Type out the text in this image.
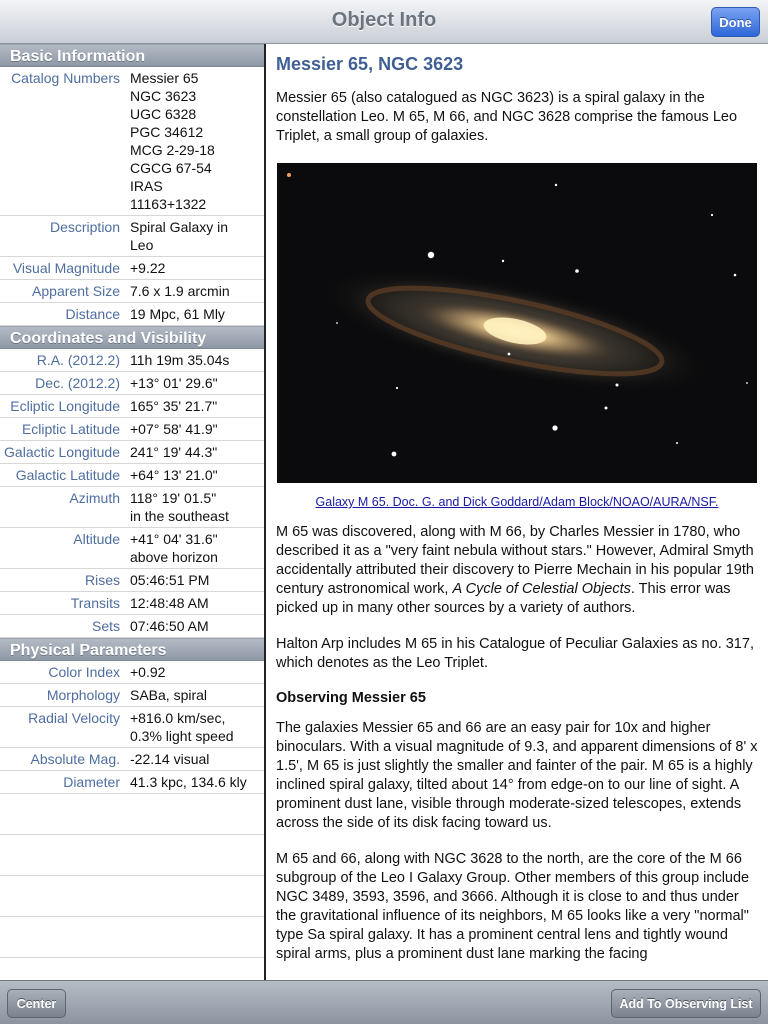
Object Info	Done
Basic Information
Catalog Numbers Messier 65
NGC 3623
UGC 6328
PGC 34612
MCG 2-29-18
CGCG 67-54
IRAS
11163+1322
Description Spiral Galaxy in Leo
Visual Magnitude +9.22
Apparent Size 7.6 x 1.9 arcmin
Distance 19 Mpc, 61 Mly
Coordinates and Visibility
R.A. (2012.2) 11h 19m 35.04s
Dec. (2012.2) +13° 01' 29.6"
Ecliptic Longitude 165° 35' 21.7"
Ecliptic Latitude +07° 58' 41.9"
Galactic Longitude 241° 19' 44.3"
Galactic Latitude +64° 13' 21.0"
Azimuth 118° 19' 01.5"
in the southeast
Altitude +41° 04' 31.6"
above horizon
Rises 05:46:51 PM
Transits 12:48:48 AM
Sets 07:46:50 AM
Physical Parameters
Color Index +0.92
Morphology SABa, spiral
Radial Velocity +816.0 km/sec, 0.3% light speed
Absolute Mag. -22.14 visual
Diameter 41.3 kpc, 134.6 kly
Messier 65, NGC 3623

Messier 65 (also catalogued as NGC 3623) is a spiral galaxy in the constellation Leo. M 65, M 66, and NGC 3628 comprise the famous Leo Triplet, a small group of galaxies.

Galaxy M 65. Doc. G. and Dick Goddard/Adam Block/NOAO/AURA/NSF.

M 65 was discovered, along with M 66, by Charles Messier in 1780, who described it as a "very faint nebula without stars." However, Admiral Smyth accidentally attributed their discovery to Pierre Mechain in his popular 19th century astronomical work, A Cycle of Celestial Objects. This error was picked up in many other sources by a variety of authors.

Halton Arp includes M 65 in his Catalogue of Peculiar Galaxies as no. 317, which denotes as the Leo Triplet.

Observing Messier 65

The galaxies Messier 65 and 66 are an easy pair for 10x and higher binoculars. With a visual magnitude of 9.3, and apparent dimensions of 8' x 1.5', M 65 is just slightly the smaller and fainter of the pair. M 65 is a highly inclined spiral galaxy, tilted about 14° from edge-on to our line of sight. A prominent dust lane, visible through moderate-sized telescopes, extends across the side of its disk facing toward us.

M 65 and 66, along with NGC 3628 to the north, are the core of the M 66 subgroup of the Leo I Galaxy Group. Other members of this group include NGC 3489, 3593, 3596, and 3666. Although it is close to and thus under the gravitational influence of its neighbors, M 65 looks like a very "normal" type Sa spiral galaxy. It has a prominent central lens and tightly wound spiral arms, plus a prominent dust lane marking the facing

Center	Add To Observing List
